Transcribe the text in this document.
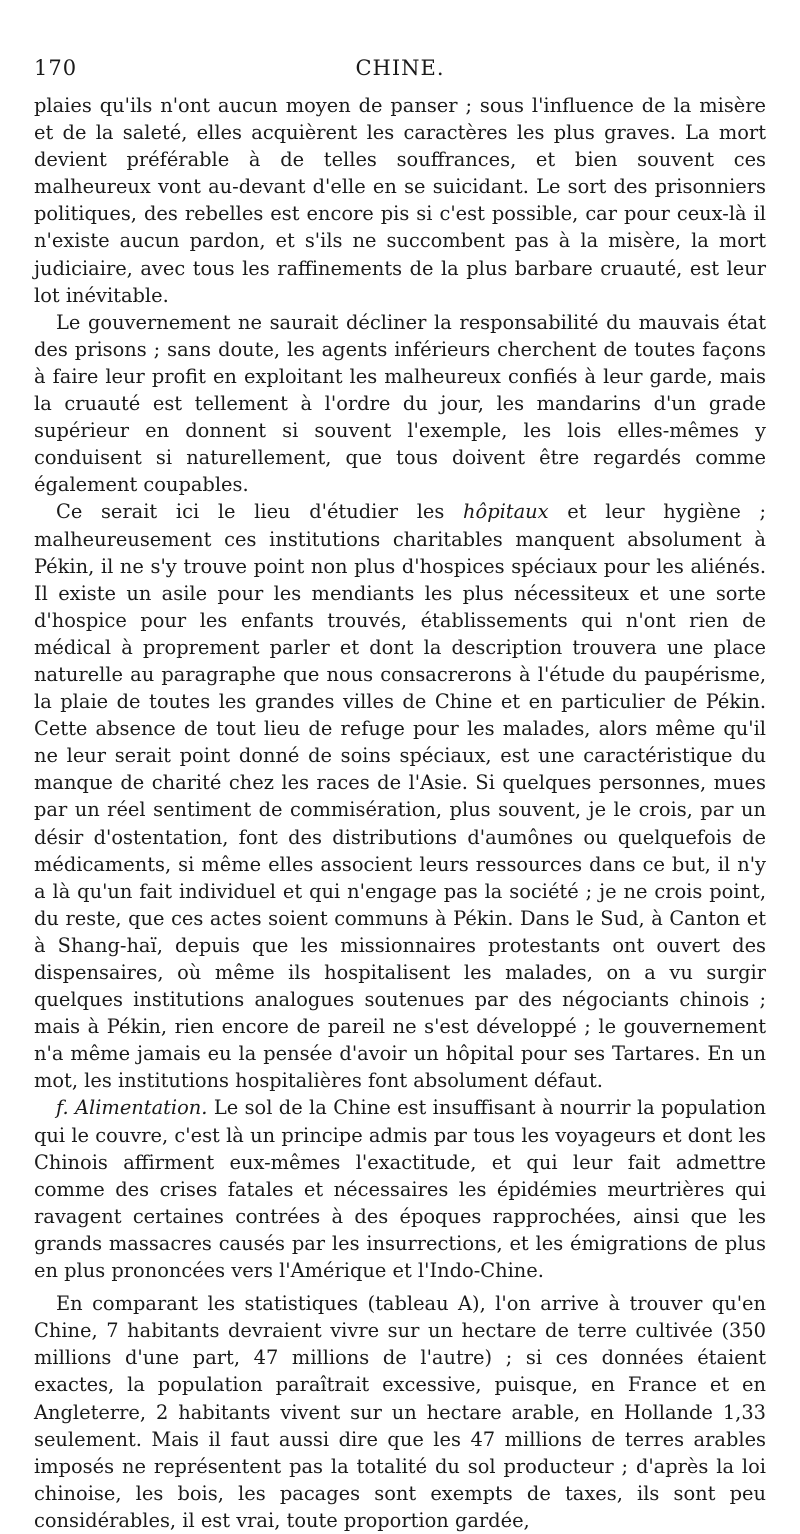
170	CHINE.

plaies qu'ils n'ont aucun moyen de panser ; sous l'influence de la misère et de la saleté, elles acquièrent les caractères les plus graves. La mort devient préférable à de telles souffrances, et bien souvent ces malheureux vont au-devant d'elle en se suicidant. Le sort des prisonniers politiques, des rebelles est encore pis si c'est possible, car pour ceux-là il n'existe aucun pardon, et s'ils ne succombent pas à la misère, la mort judiciaire, avec tous les raffinements de la plus barbare cruauté, est leur lot inévitable.

Le gouvernement ne saurait décliner la responsabilité du mauvais état des prisons ; sans doute, les agents inférieurs cherchent de toutes façons à faire leur profit en exploitant les malheureux confiés à leur garde, mais la cruauté est tellement à l'ordre du jour, les mandarins d'un grade supérieur en donnent si souvent l'exemple, les lois elles-mêmes y conduisent si naturellement, que tous doivent être regardés comme également coupables.

Ce serait ici le lieu d'étudier les hôpitaux et leur hygiène ; malheureusement ces institutions charitables manquent absolument à Pékin, il ne s'y trouve point non plus d'hospices spéciaux pour les aliénés. Il existe un asile pour les mendiants les plus nécessiteux et une sorte d'hospice pour les enfants trouvés, établissements qui n'ont rien de médical à proprement parler et dont la description trouvera une place naturelle au paragraphe que nous consacrerons à l'étude du paupérisme, la plaie de toutes les grandes villes de Chine et en particulier de Pékin. Cette absence de tout lieu de refuge pour les malades, alors même qu'il ne leur serait point donné de soins spéciaux, est une caractéristique du manque de charité chez les races de l'Asie. Si quelques personnes, mues par un réel sentiment de commisération, plus souvent, je le crois, par un désir d'ostentation, font des distributions d'aumônes ou quelquefois de médicaments, si même elles associent leurs ressources dans ce but, il n'y a là qu'un fait individuel et qui n'engage pas la société ; je ne crois point, du reste, que ces actes soient communs à Pékin. Dans le Sud, à Canton et à Shang-haï, depuis que les missionnaires protestants ont ouvert des dispensaires, où même ils hospitalisent les malades, on a vu surgir quelques institutions analogues soutenues par des négociants chinois ; mais à Pékin, rien encore de pareil ne s'est développé ; le gouvernement n'a même jamais eu la pensée d'avoir un hôpital pour ses Tartares. En un mot, les institutions hospitalières font absolument défaut.

f. Alimentation. Le sol de la Chine est insuffisant à nourrir la population qui le couvre, c'est là un principe admis par tous les voyageurs et dont les Chinois affirment eux-mêmes l'exactitude, et qui leur fait admettre comme des crises fatales et nécessaires les épidémies meurtrières qui ravagent certaines contrées à des époques rapprochées, ainsi que les grands massacres causés par les insurrections, et les émigrations de plus en plus prononcées vers l'Amérique et l'Indo-Chine.

En comparant les statistiques (tableau A), l'on arrive à trouver qu'en Chine, 7 habitants devraient vivre sur un hectare de terre cultivée (350 millions d'une part, 47 millions de l'autre) ; si ces données étaient exactes, la population paraîtrait excessive, puisque, en France et en Angleterre, 2 habitants vivent sur un hectare arable, en Hollande 1,33 seulement. Mais il faut aussi dire que les 47 millions de terres arables imposés ne représentent pas la totalité du sol producteur ; d'après la loi chinoise, les bois, les pacages sont exempts de taxes, ils sont peu considérables, il est vrai, toute proportion gardée,
